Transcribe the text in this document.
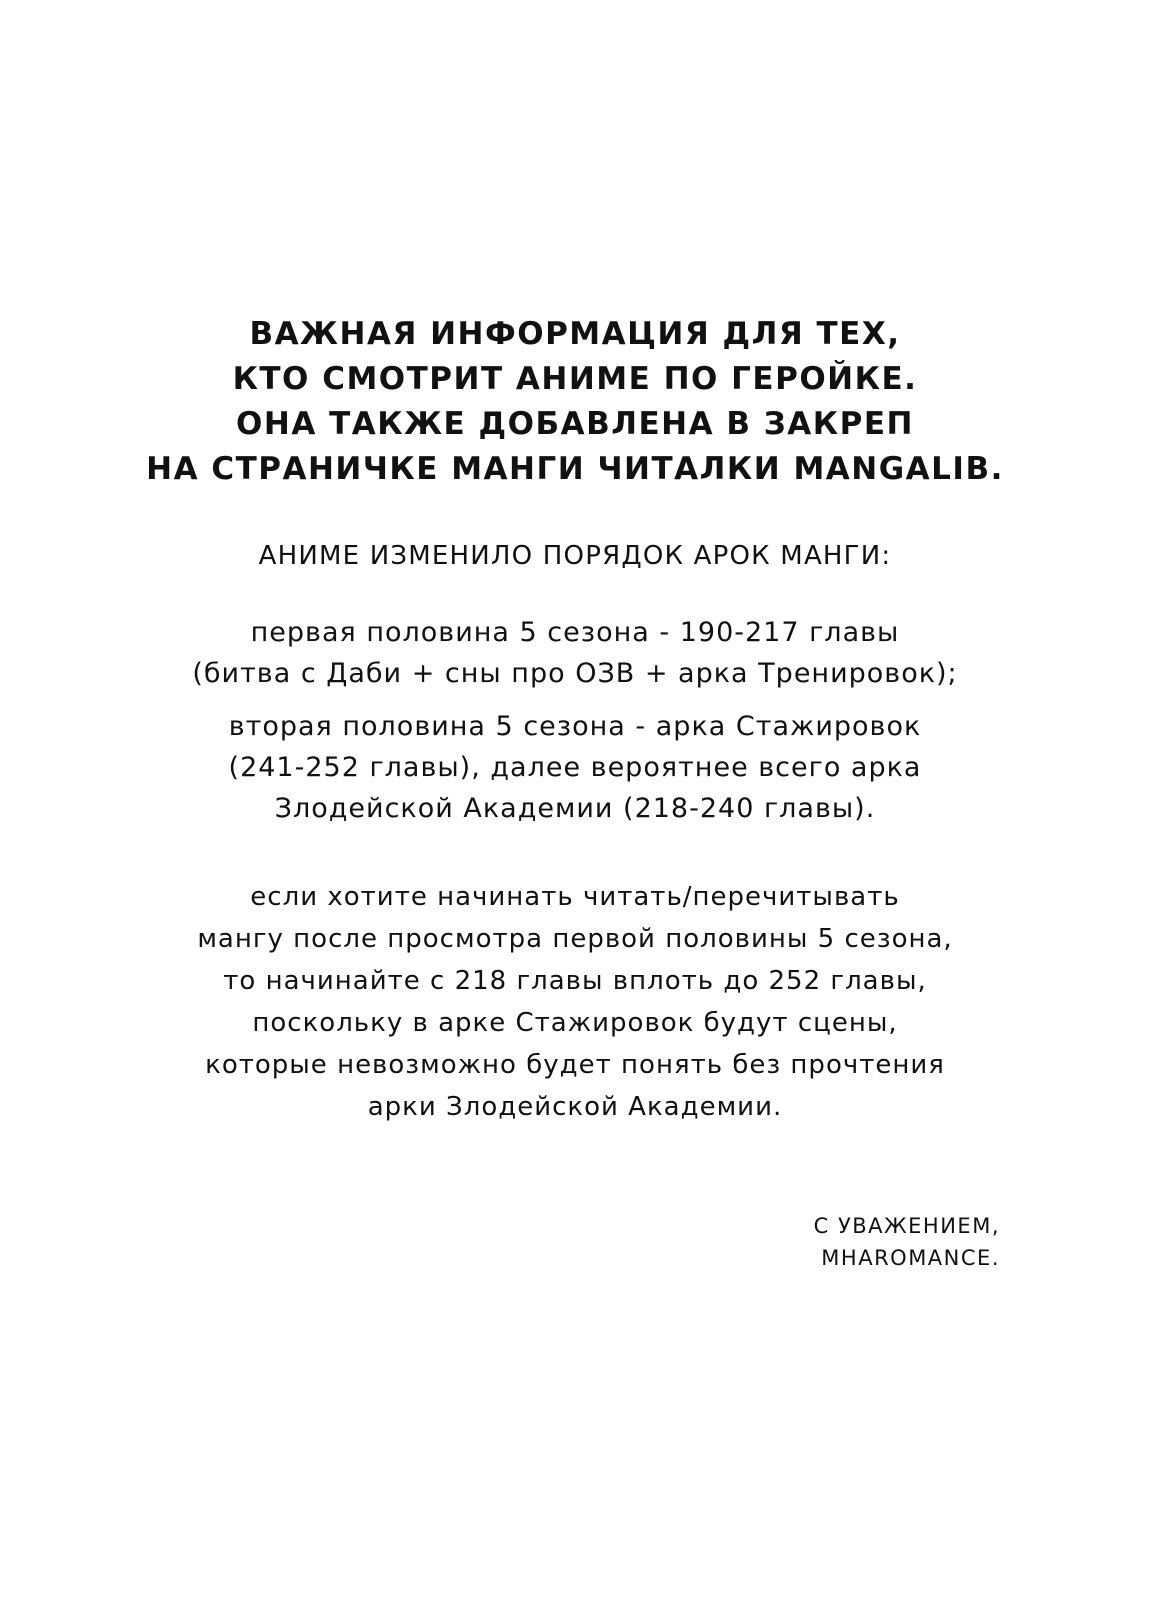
ВАЖНАЯ ИНФОРМАЦИЯ ДЛЯ ТЕХ,
КТО СМОТРИТ АНИМЕ ПО ГЕРОЙКЕ.
ОНА ТАКЖЕ ДОБАВЛЕНА В ЗАКРЕП
НА СТРАНИЧКЕ МАНГИ ЧИТАЛКИ MANGALIB.
АНИМЕ ИЗМЕНИЛО ПОРЯДОК АРОК МАНГИ:
первая половина 5 сезона - 190-217 главы
(битва с Даби + сны про ОЗВ + арка Тренировок);
вторая половина 5 сезона - арка Стажировок
(241-252 главы), далее вероятнее всего арка
Злодейской Академии (218-240 главы).
если хотите начинать читать/перечитывать
мангу после просмотра первой половины 5 сезона,
то начинайте с 218 главы вплоть до 252 главы,
поскольку в арке Стажировок будут сцены,
которые невозможно будет понять без прочтения
арки Злодейской Академии.
С УВАЖЕНИЕМ,
MHAROMANCE.
